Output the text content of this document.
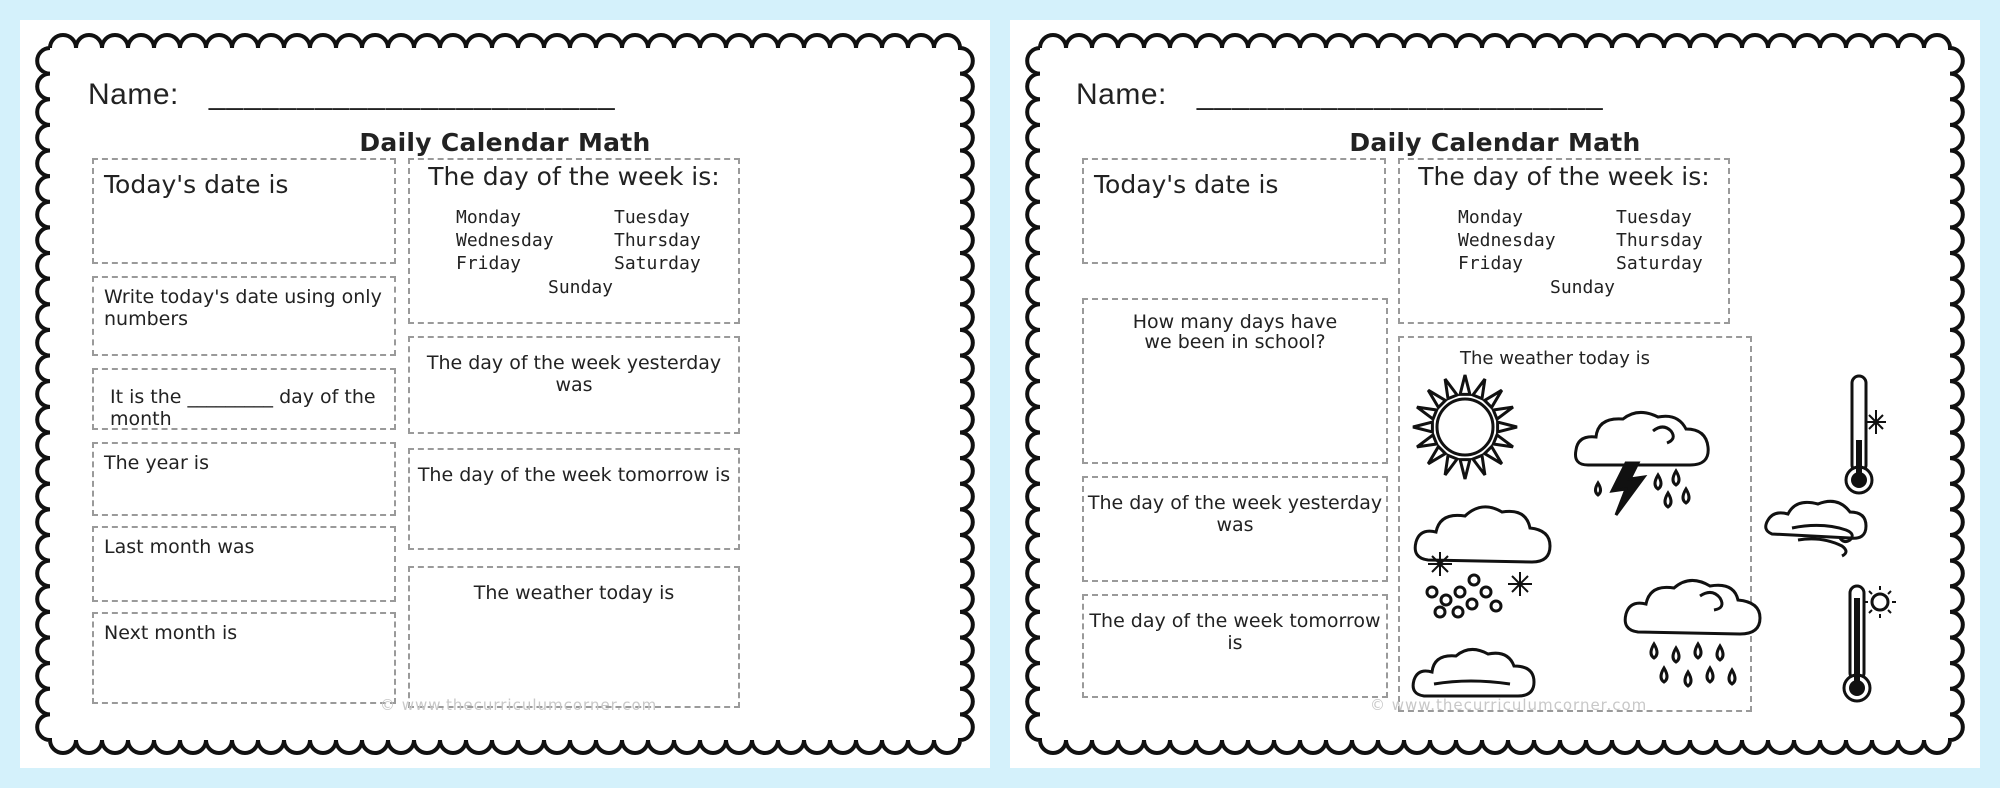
Name: _______________________
Daily Calendar Math
Today's date is
Write today's date using only numbers
It is the _________ day of the month
The year is
Last month was
Next month is
The day of the week is:
Monday	Tuesday
Wednesday	Thursday
Friday	Saturday
Sunday
The day of the week yesterday was
The day of the week tomorrow is
The weather today is
© www.thecurriculumcorner.com
Name: _______________________
Daily Calendar Math
Today's date is
How many days have we been in school?
The day of the week yesterday was
The day of the week tomorrow is
The day of the week is:
Monday	Tuesday
Wednesday	Thursday
Friday	Saturday
Sunday
The weather today is
© www.thecurriculumcorner.com
